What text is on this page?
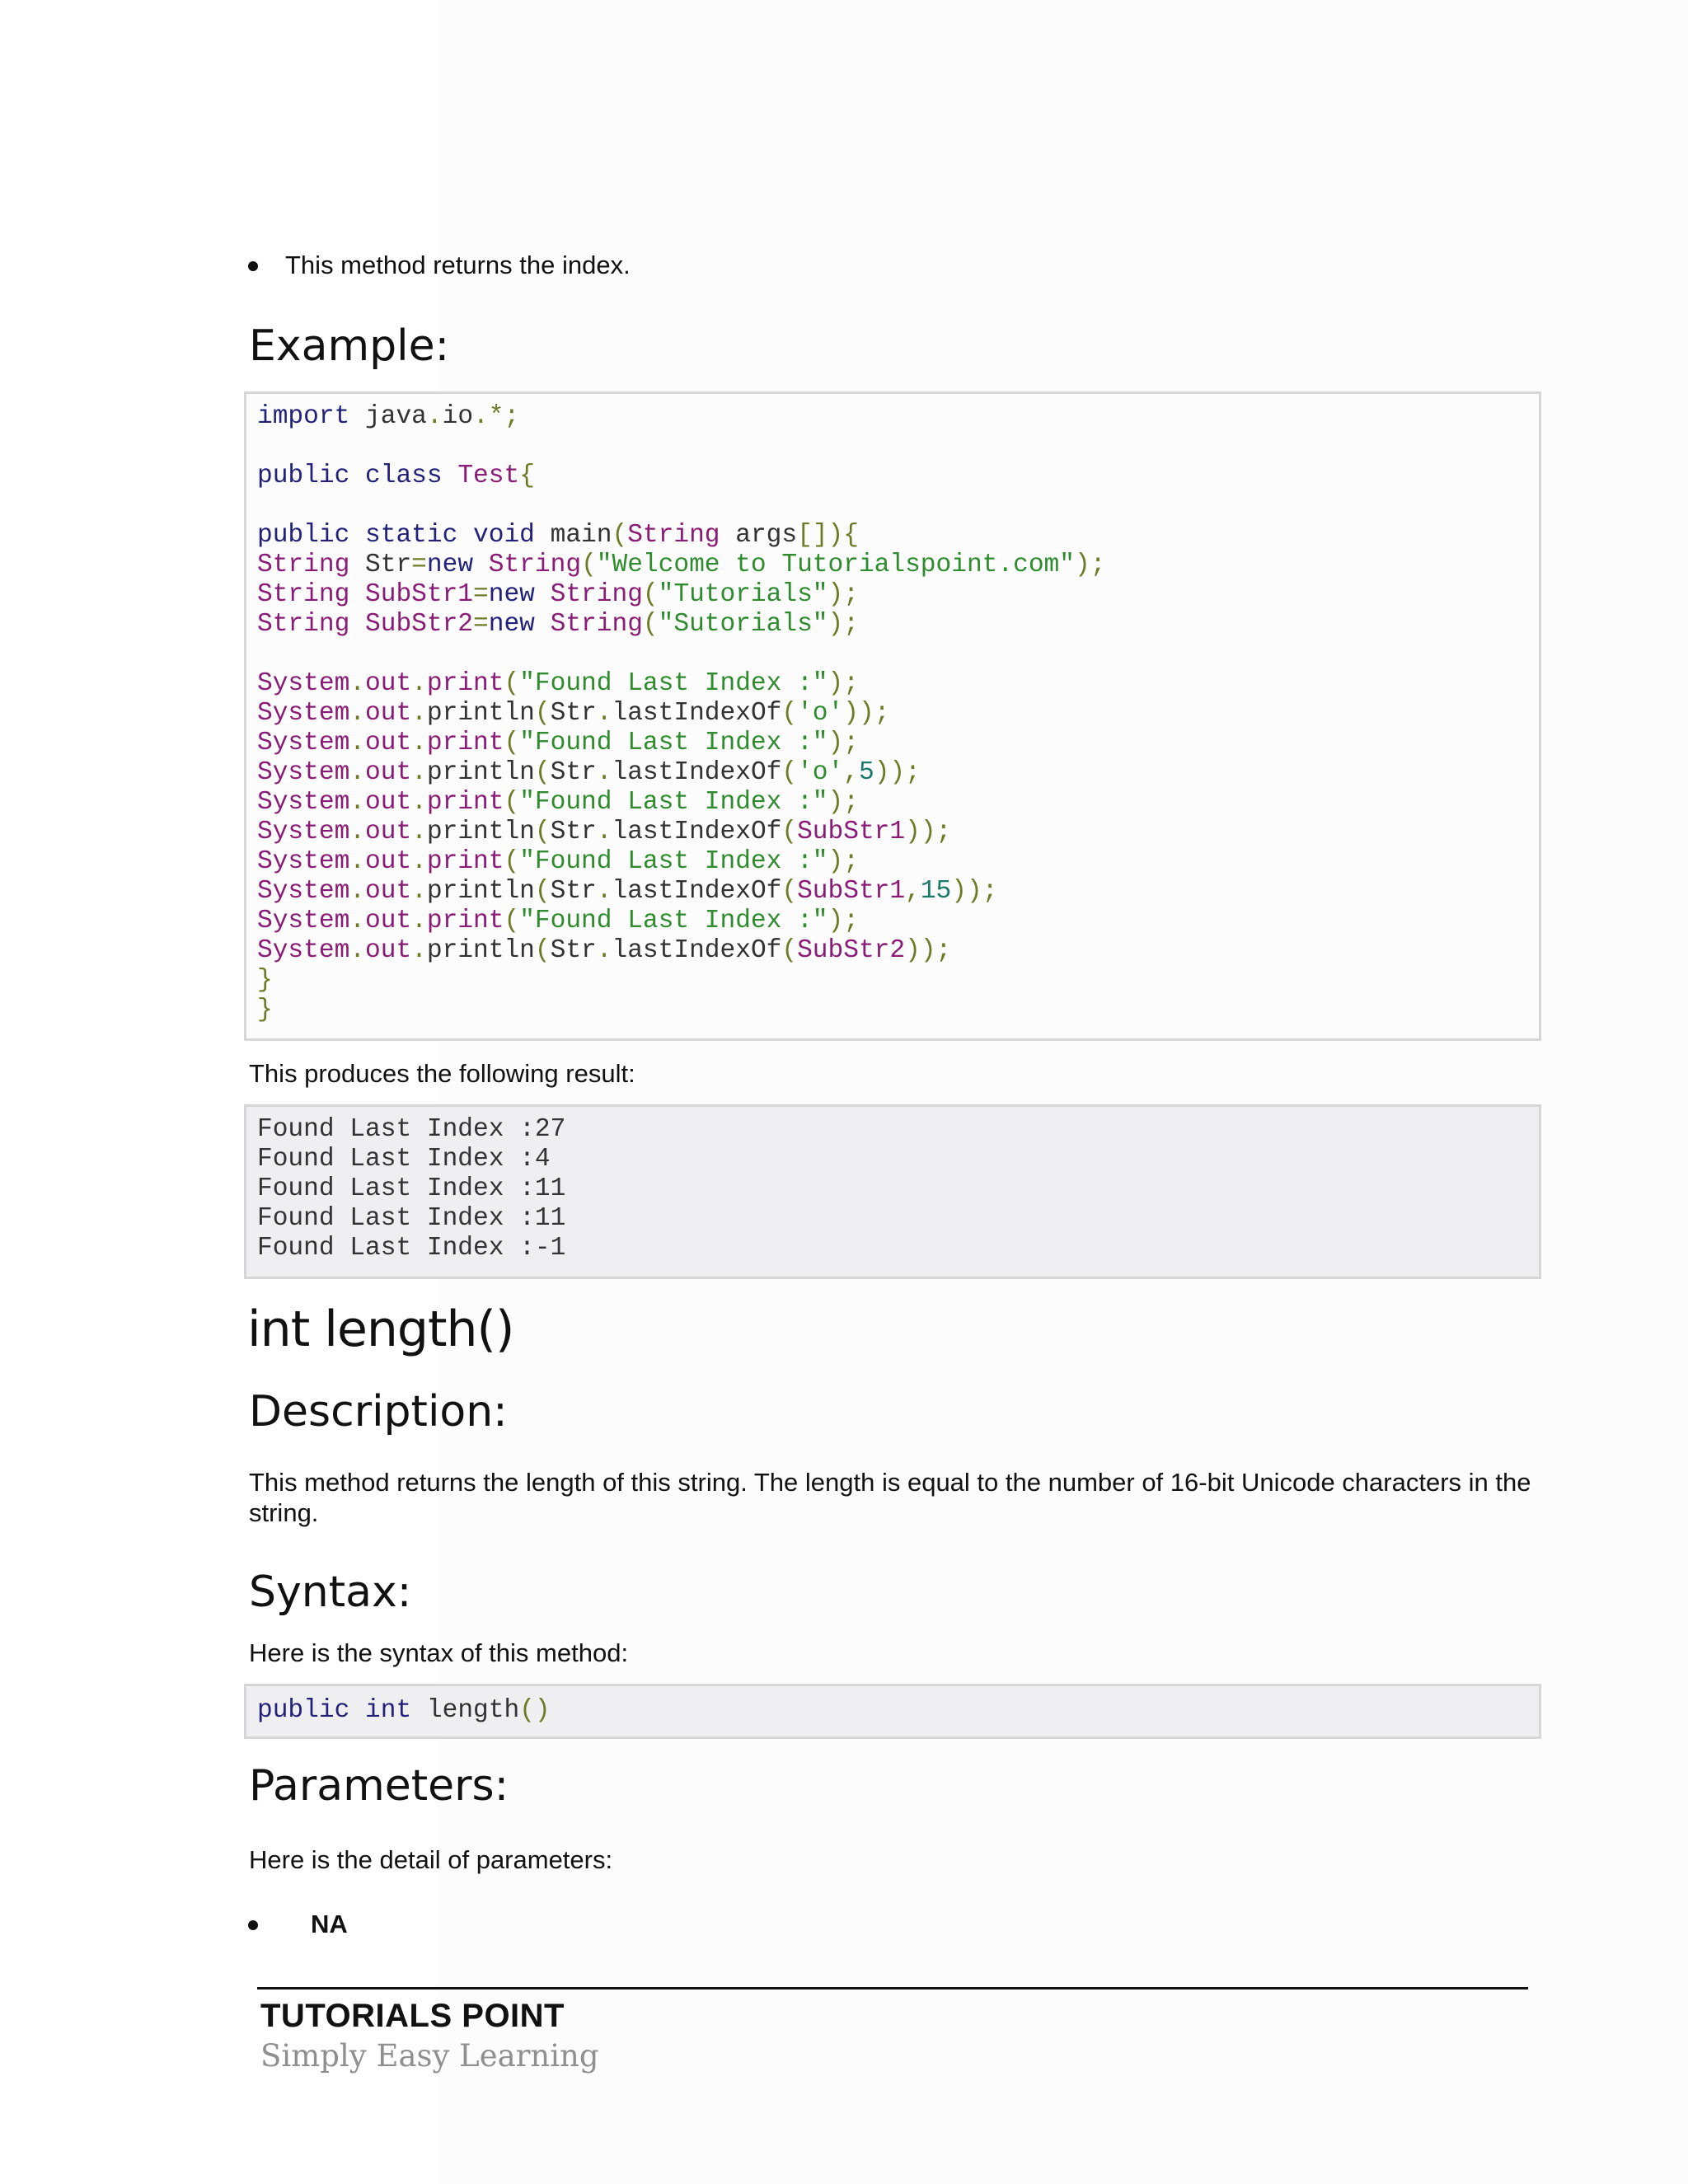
This method returns the index.

Example:
import java.io.*;

public class Test{

public static void main(String args[]){
String Str=new String("Welcome to Tutorialspoint.com");
String SubStr1=new String("Tutorials");
String SubStr2=new String("Sutorials");

System.out.print("Found Last Index :");
System.out.println(Str.lastIndexOf('o'));
System.out.print("Found Last Index :");
System.out.println(Str.lastIndexOf('o',5));
System.out.print("Found Last Index :");
System.out.println(Str.lastIndexOf(SubStr1));
System.out.print("Found Last Index :");
System.out.println(Str.lastIndexOf(SubStr1,15));
System.out.print("Found Last Index :");
System.out.println(Str.lastIndexOf(SubStr2));
}
}

This produces the following result:

Found Last Index :27
Found Last Index :4
Found Last Index :11
Found Last Index :11
Found Last Index :-1
int length()
Description:

This method returns the length of this string. The length is equal to the number of 16-bit Unicode characters in the string.

Syntax:

Here is the syntax of this method:

public int length()
Parameters:

Here is the detail of parameters:

NA

TUTORIALS POINT
Simply Easy Learning
